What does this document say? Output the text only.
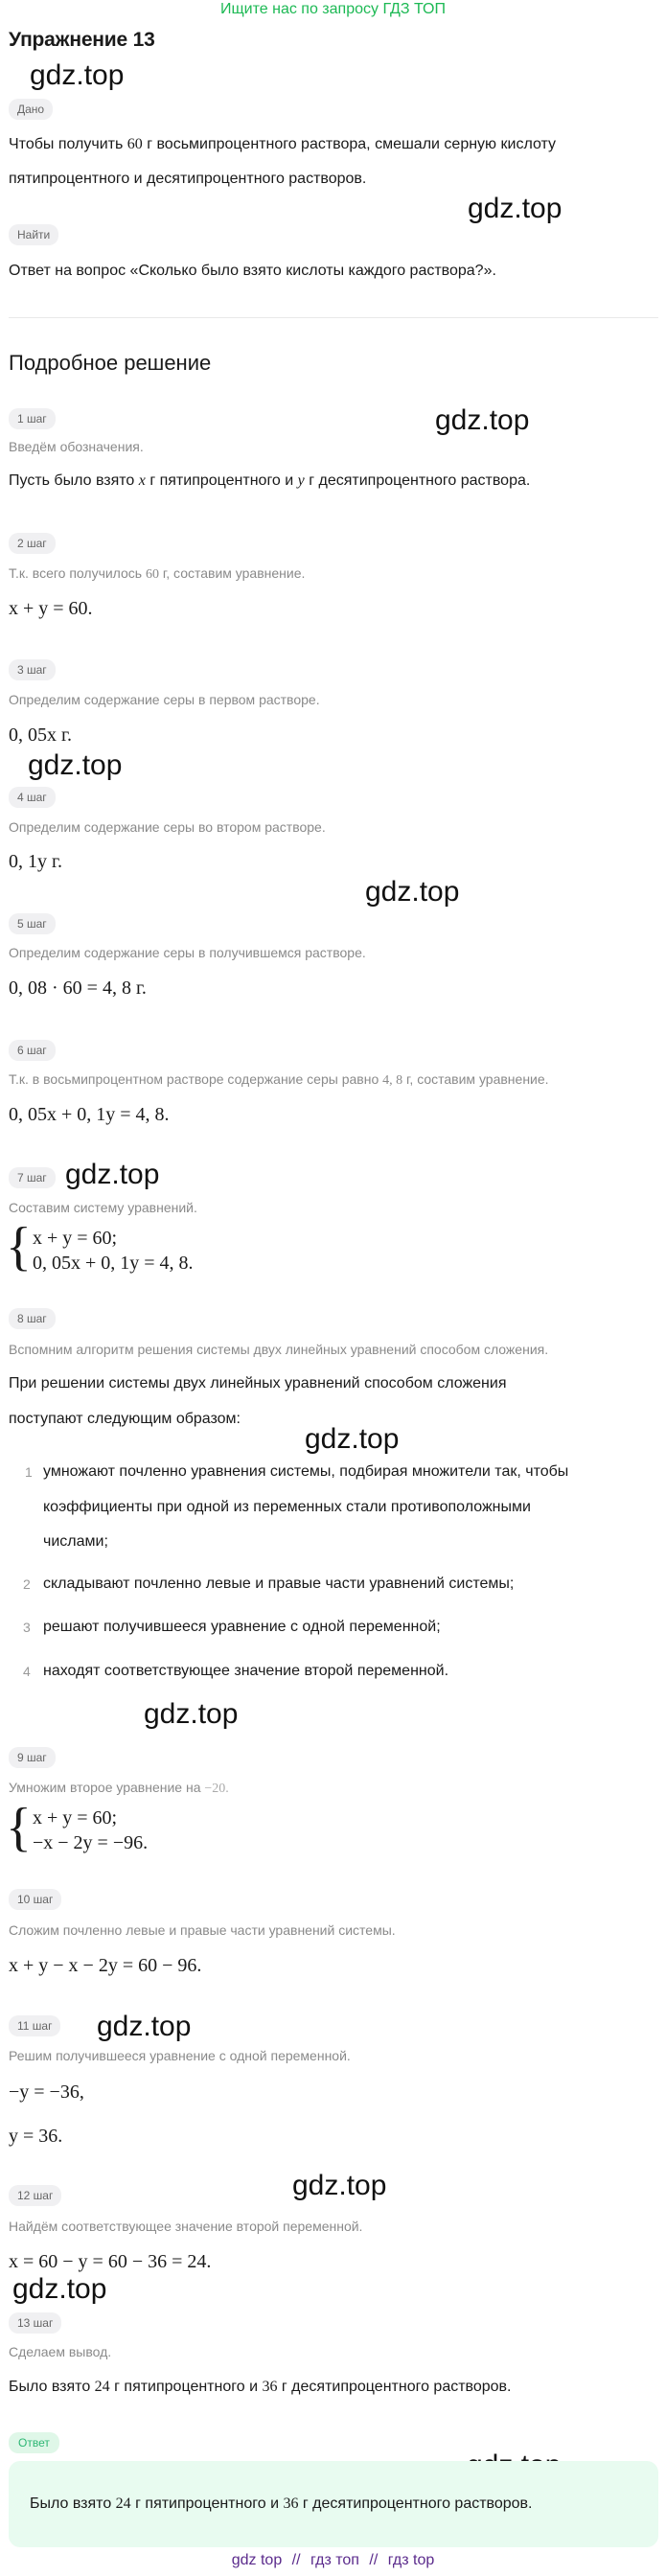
Ищите нас по запросу ГДЗ ТОП
Упражнение 13
gdz.top
gdz.top
gdz.top
gdz.top
gdz.top
gdz.top
gdz.top
gdz.top
gdz.top
gdz.top
gdz.top
Дано
Чтобы получить 60 г восьмипроцентного раствора, смешали серную кислоту
пятипроцентного и десятипроцентного растворов.
Найти
Ответ на вопрос «Сколько было взято кислоты каждого раствора?».
Подробное решение
1 шаг
Введём обозначения.
Пусть было взято x г пятипроцентного и y г десятипроцентного раствора.
2 шаг
Т.к. всего получилось 60 г, составим уравнение.
x + y = 60.
3 шаг
Определим содержание серы в первом растворе.
0, 05x г.
4 шаг
Определим содержание серы во втором растворе.
0, 1y г.
5 шаг
Определим содержание серы в получившемся растворе.
0, 08 · 60 = 4, 8 г.
6 шаг
Т.к. в восьмипроцентном растворе содержание серы равно 4, 8 г, составим уравнение.
0, 05x + 0, 1y = 4, 8.
7 шаг
Составим систему уравнений.
{ x + y = 60;
0, 05x + 0, 1y = 4, 8.
8 шаг
Вспомним алгоритм решения системы двух линейных уравнений способом сложения.
При решении системы двух линейных уравнений способом сложения
поступают следующим образом:
1 умножают почленно уравнения системы, подбирая множители так, чтобы
коэффициенты при одной из переменных стали противоположными
числами;
2 складывают почленно левые и правые части уравнений системы;
3 решают получившееся уравнение с одной переменной;
4 находят соответствующее значение второй переменной.
9 шаг
Умножим второе уравнение на −20.
{ x + y = 60;
−x − 2y = −96.
10 шаг
Сложим почленно левые и правые части уравнений системы.
x + y − x − 2y = 60 − 96.
11 шаг
Решим получившееся уравнение с одной переменной.
−y = −36,
y = 36.
12 шаг
Найдём соответствующее значение второй переменной.
x = 60 − y = 60 − 36 = 24.
13 шаг
Сделаем вывод.
Было взято 24 г пятипроцентного и 36 г десятипроцентного растворов.
Ответ
Было взято 24 г пятипроцентного и 36 г десятипроцентного растворов.
gdz top // гдз топ // гдз top
